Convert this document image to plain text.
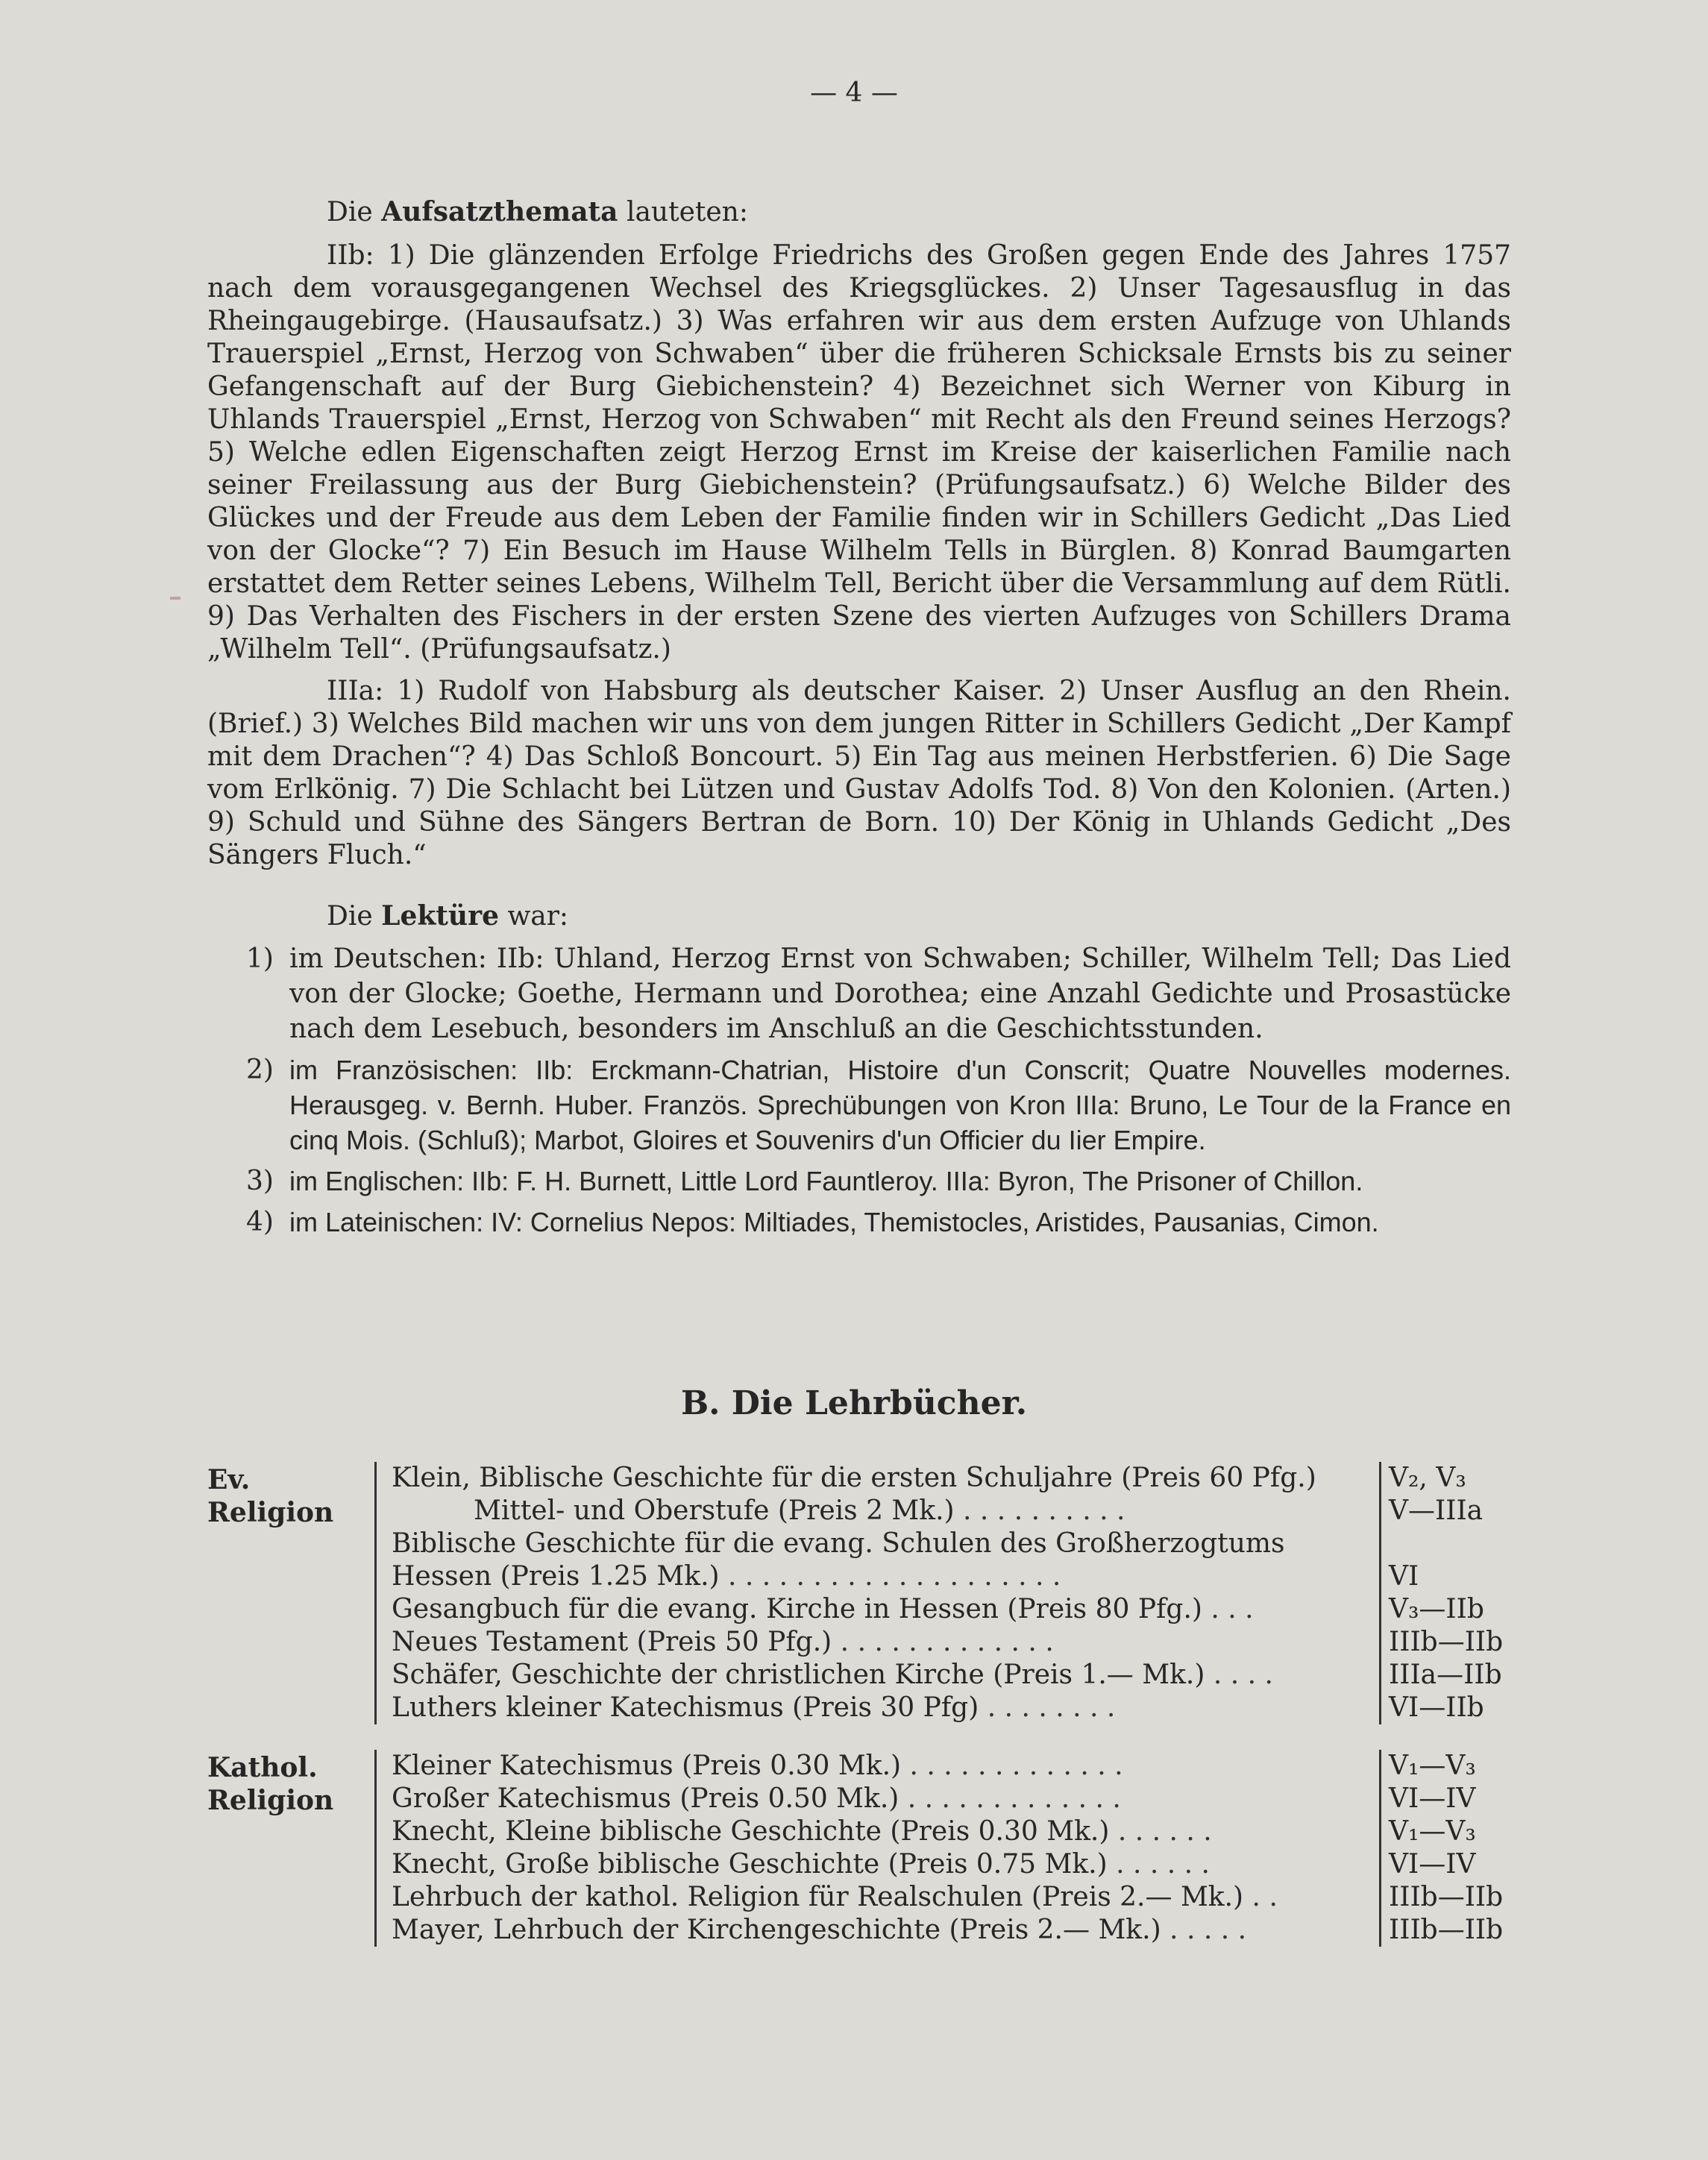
— 4 —

Die Aufsatzthemata lauteten:

IIb: 1) Die glänzenden Erfolge Friedrichs des Großen gegen Ende des Jahres 1757 nach dem vorausgegangenen Wechsel des Kriegsglückes. 2) Unser Tagesausflug in das Rheingaugebirge. (Hausaufsatz.) 3) Was erfahren wir aus dem ersten Aufzuge von Uhlands Trauerspiel „Ernst, Herzog von Schwaben“ über die früheren Schicksale Ernsts bis zu seiner Gefangenschaft auf der Burg Giebichenstein? 4) Bezeichnet sich Werner von Kiburg in Uhlands Trauerspiel „Ernst, Herzog von Schwaben“ mit Recht als den Freund seines Herzogs? 5) Welche edlen Eigenschaften zeigt Herzog Ernst im Kreise der kaiserlichen Familie nach seiner Freilassung aus der Burg Giebichenstein? (Prüfungsaufsatz.) 6) Welche Bilder des Glückes und der Freude aus dem Leben der Familie finden wir in Schillers Gedicht „Das Lied von der Glocke“? 7) Ein Besuch im Hause Wilhelm Tells in Bürglen. 8) Konrad Baumgarten erstattet dem Retter seines Lebens, Wilhelm Tell, Bericht über die Versammlung auf dem Rütli. 9) Das Verhalten des Fischers in der ersten Szene des vierten Aufzuges von Schillers Drama „Wilhelm Tell“. (Prüfungsaufsatz.)

IIIa: 1) Rudolf von Habsburg als deutscher Kaiser. 2) Unser Ausflug an den Rhein. (Brief.) 3) Welches Bild machen wir uns von dem jungen Ritter in Schillers Gedicht „Der Kampf mit dem Drachen“? 4) Das Schloß Boncourt. 5) Ein Tag aus meinen Herbstferien. 6) Die Sage vom Erlkönig. 7) Die Schlacht bei Lützen und Gustav Adolfs Tod. 8) Von den Kolonien. (Arten.) 9) Schuld und Sühne des Sängers Bertran de Born. 10) Der König in Uhlands Gedicht „Des Sängers Fluch.“

Die Lektüre war:

1) im Deutschen: IIb: Uhland, Herzog Ernst von Schwaben; Schiller, Wilhelm Tell; Das Lied von der Glocke; Goethe, Hermann und Dorothea; eine Anzahl Gedichte und Prosastücke nach dem Lesebuch, besonders im Anschluß an die Geschichtsstunden.
2) im Französischen: IIb: Erckmann-Chatrian, Histoire d'un Conscrit; Quatre Nouvelles modernes. Herausgeg. v. Bernh. Huber. Französ. Sprechübungen von Kron IIIa: Bruno, Le Tour de la France en cinq Mois. (Schluß); Marbot, Gloires et Souvenirs d'un Officier du Iier Empire.
3) im Englischen: IIb: F. H. Burnett, Little Lord Fauntleroy. IIIa: Byron, The Prisoner of Chillon.
4) im Lateinischen: IV: Cornelius Nepos: Miltiades, Themistocles, Aristides, Pausanias, Cimon.
B. Die Lehrbücher.
Ev. Religion
Klein, Biblische Geschichte für die ersten Schuljahre (Preis 60 Pfg.)
Mittel- und Oberstufe (Preis 2 Mk.) . . . . . . . . . .
Biblische Geschichte für die evang. Schulen des Großherzogtums Hessen (Preis 1.25 Mk.) . . . . . . . . . . . . . . . . . . . .
Gesangbuch für die evang. Kirche in Hessen (Preis 80 Pfg.) . . .
Neues Testament (Preis 50 Pfg.) . . . . . . . . . . . . .
Schäfer, Geschichte der christlichen Kirche (Preis 1.— Mk.) . . . .
Luthers kleiner Katechismus (Preis 30 Pfg) . . . . . . . .
V₂, V₃
V—IIIa
VI
V₃—IIb
IIIb—IIb
IIIa—IIb
VI—IIb
Kathol. Religion
Kleiner Katechismus (Preis 0.30 Mk.) . . . . . . . . . . . . .
Großer Katechismus (Preis 0.50 Mk.) . . . . . . . . . . . . .
Knecht, Kleine biblische Geschichte (Preis 0.30 Mk.) . . . . . .
Knecht, Große biblische Geschichte (Preis 0.75 Mk.) . . . . . .
Lehrbuch der kathol. Religion für Realschulen (Preis 2.— Mk.) . .
Mayer, Lehrbuch der Kirchengeschichte (Preis 2.— Mk.) . . . . .
V₁—V₃
VI—IV
V₁—V₃
VI—IV
IIIb—IIb
IIIb—IIb
